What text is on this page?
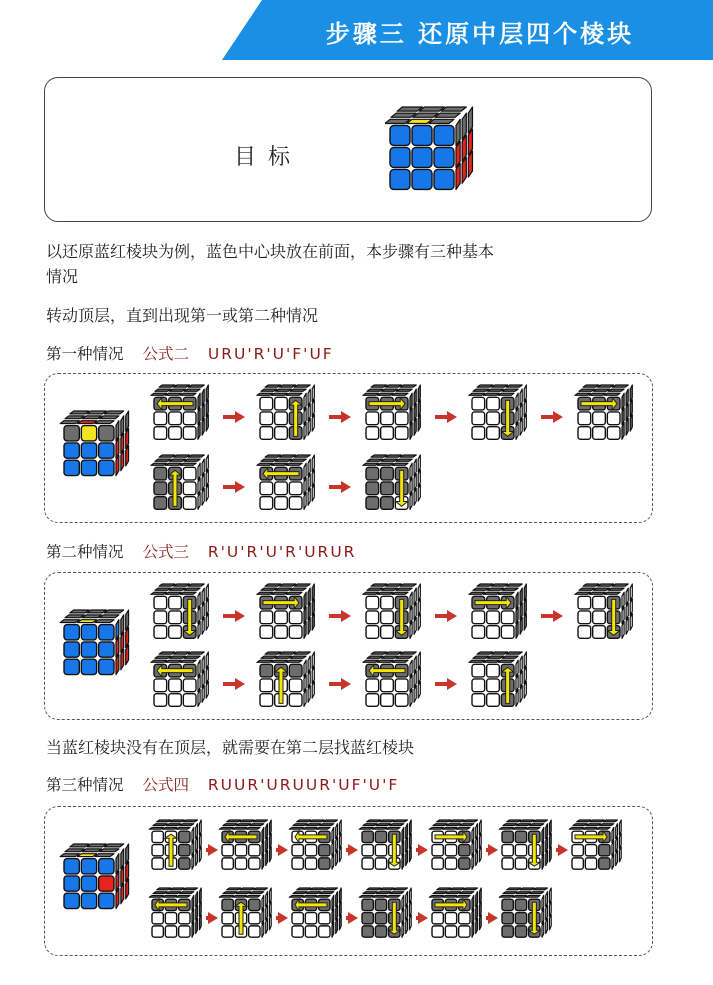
步骤三 还原中层四个棱块
目标
以还原蓝红棱块为例，蓝色中心块放在前面，本步骤有三种基本
情况
转动顶层，直到出现第一或第二种情况
第一种情况 公式二 URU'R'U'F'UF
第二种情况 公式三 R'U'R'U'R'URUR
当蓝红棱块没有在顶层，就需要在第二层找蓝红棱块
第三种情况 公式四 RUUR'URUUR'UF'U'F
